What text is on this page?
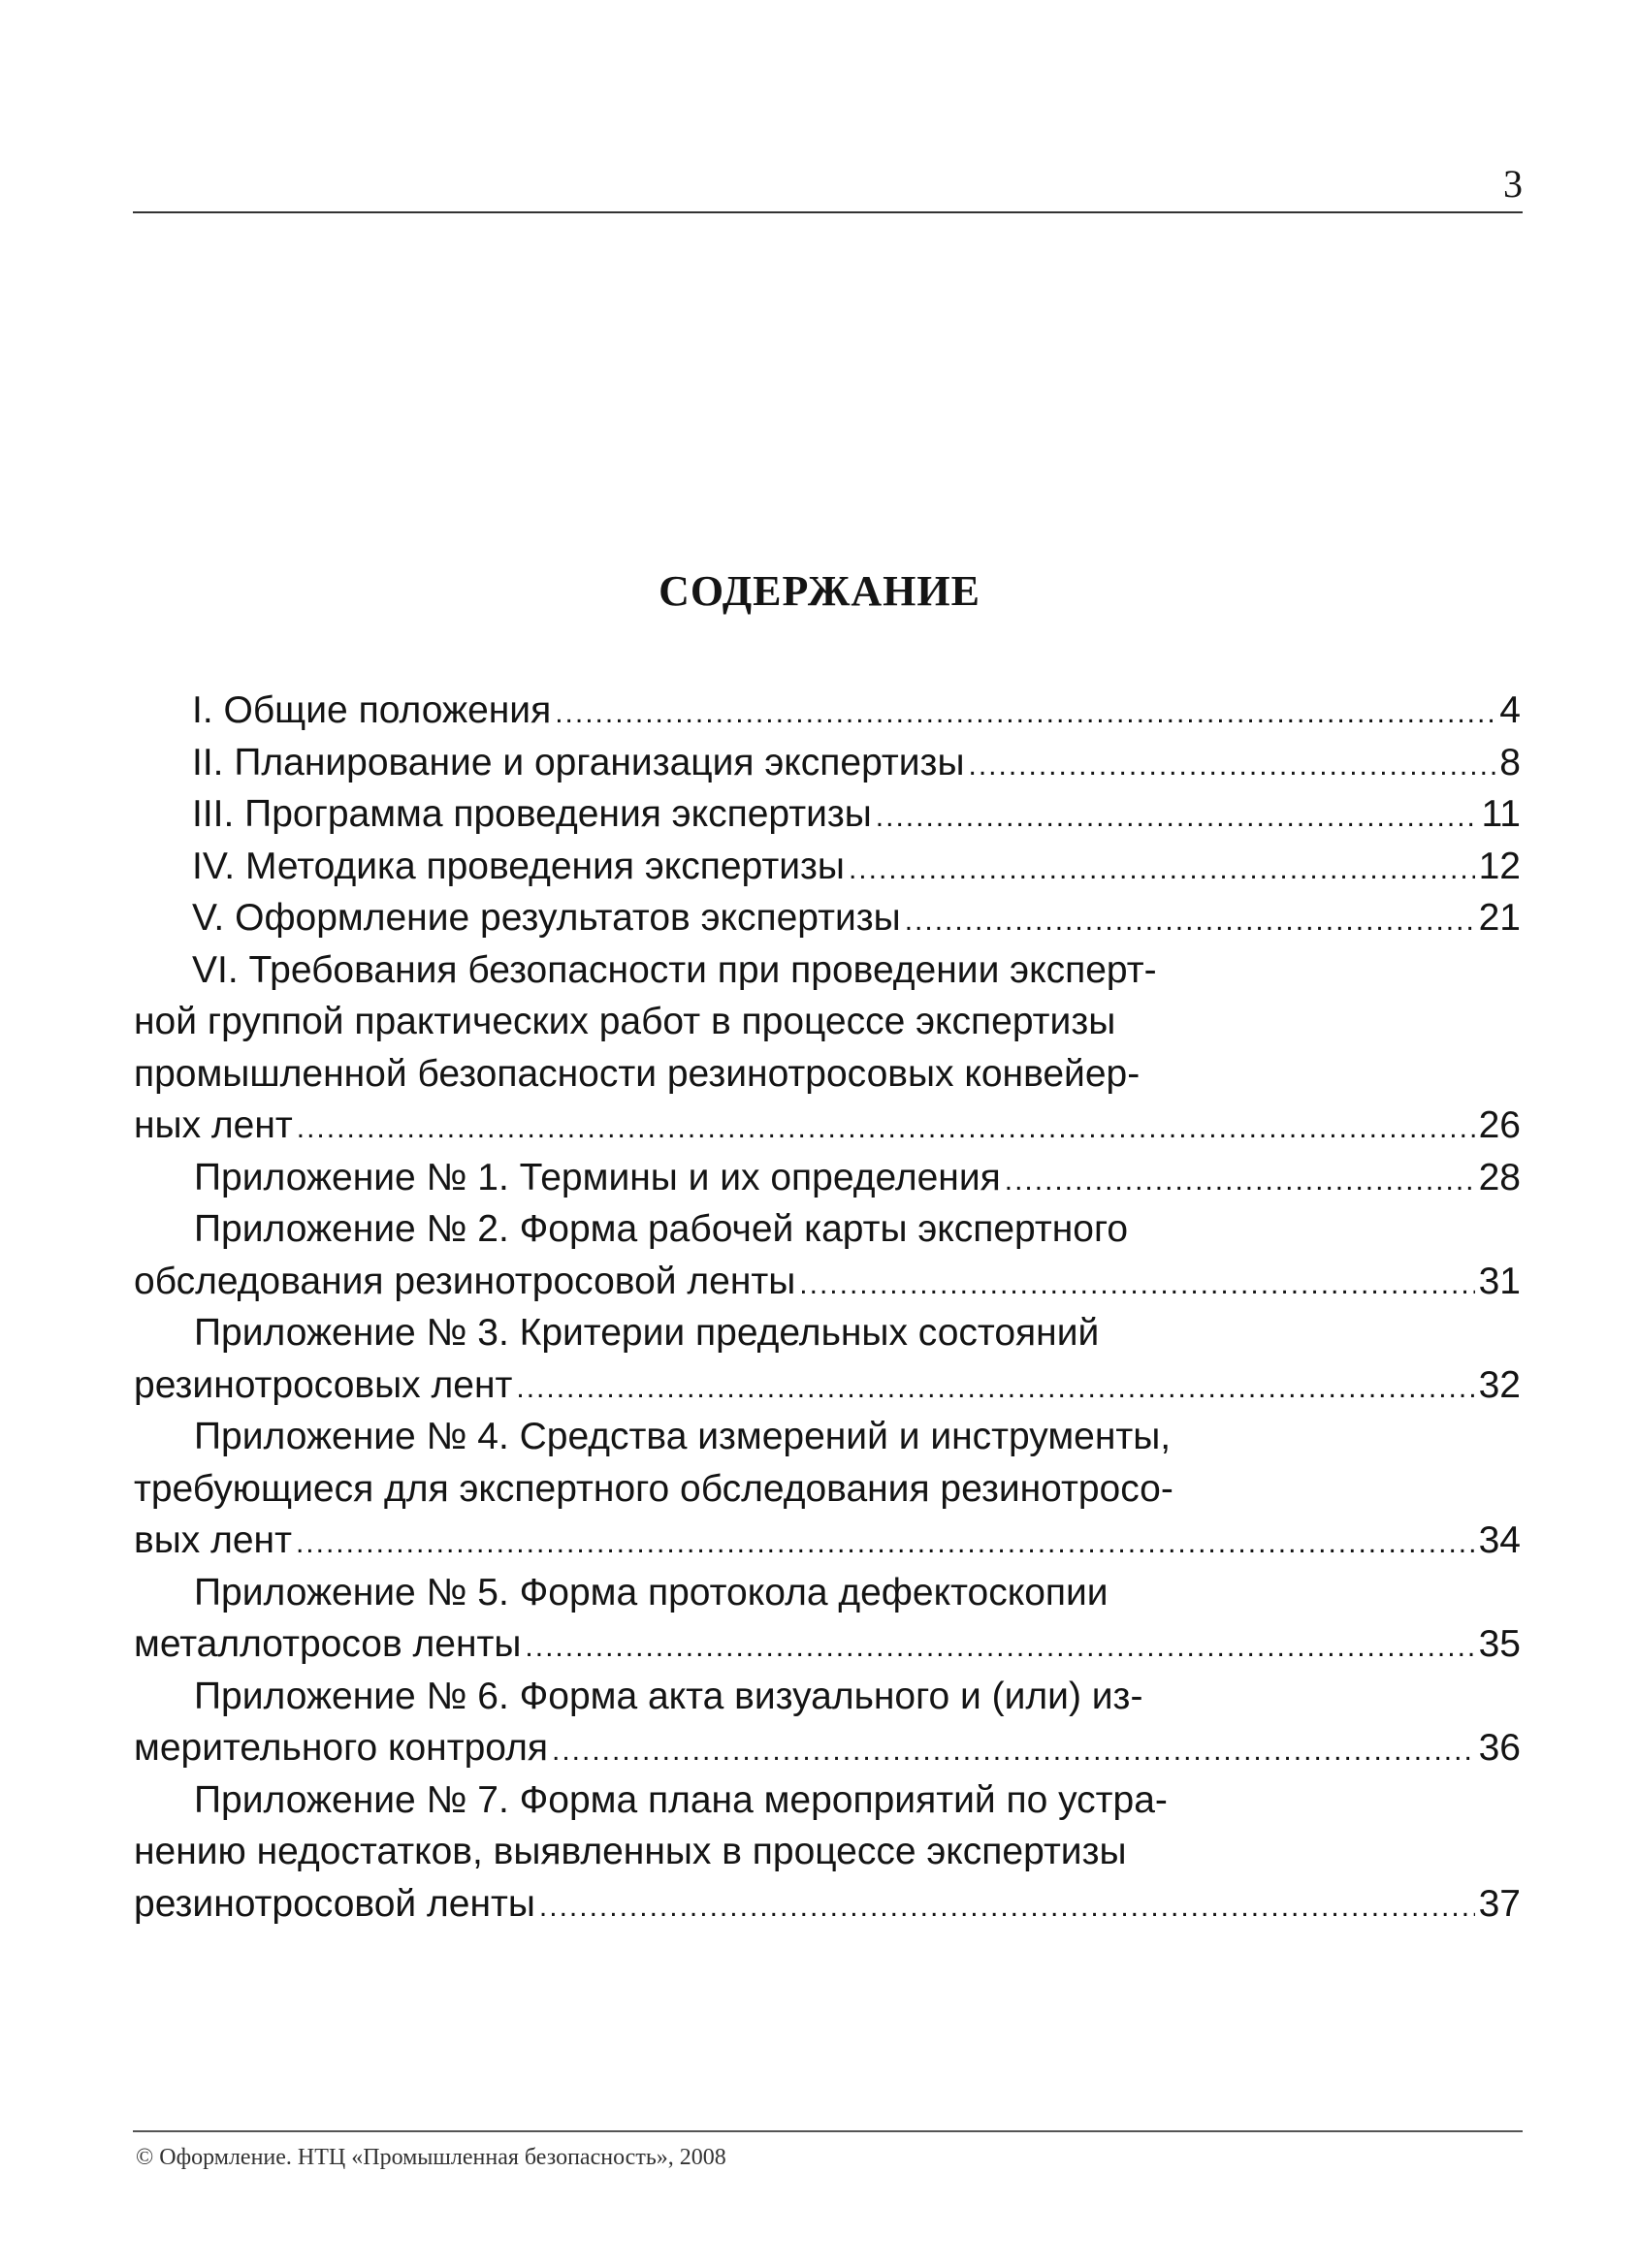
3
СОДЕРЖАНИЕ
I. Общие положения .....	4
II. Планирование и организация экспертизы .....	8
III. Программа проведения экспертизы .....	11
IV. Методика проведения экспертизы .....	12
V. Оформление результатов экспертизы .....	21
VI. Требования безопасности при проведении эксперт-
ной группой практических работ в процессе экспертизы
промышленной безопасности резинотросовых конвейер-
ных лент .....	26
Приложение № 1. Термины и их определения .....	28
Приложение № 2. Форма рабочей карты экспертного
обследования резинотросовой ленты .....	31
Приложение № 3. Критерии предельных состояний
резинотросовых лент .....	32
Приложение № 4. Средства измерений и инструменты,
требующиеся для экспертного обследования резинотросо-
вых лент .....	34
Приложение № 5. Форма протокола дефектоскопии
металлотросов ленты .....	35
Приложение № 6. Форма акта визуального и (или) из-
мерительного контроля .....	36
Приложение № 7. Форма плана мероприятий по устра-
нению недостатков, выявленных в процессе экспертизы
резинотросовой ленты .....	37
© Оформление. НТЦ «Промышленная безопасность», 2008
